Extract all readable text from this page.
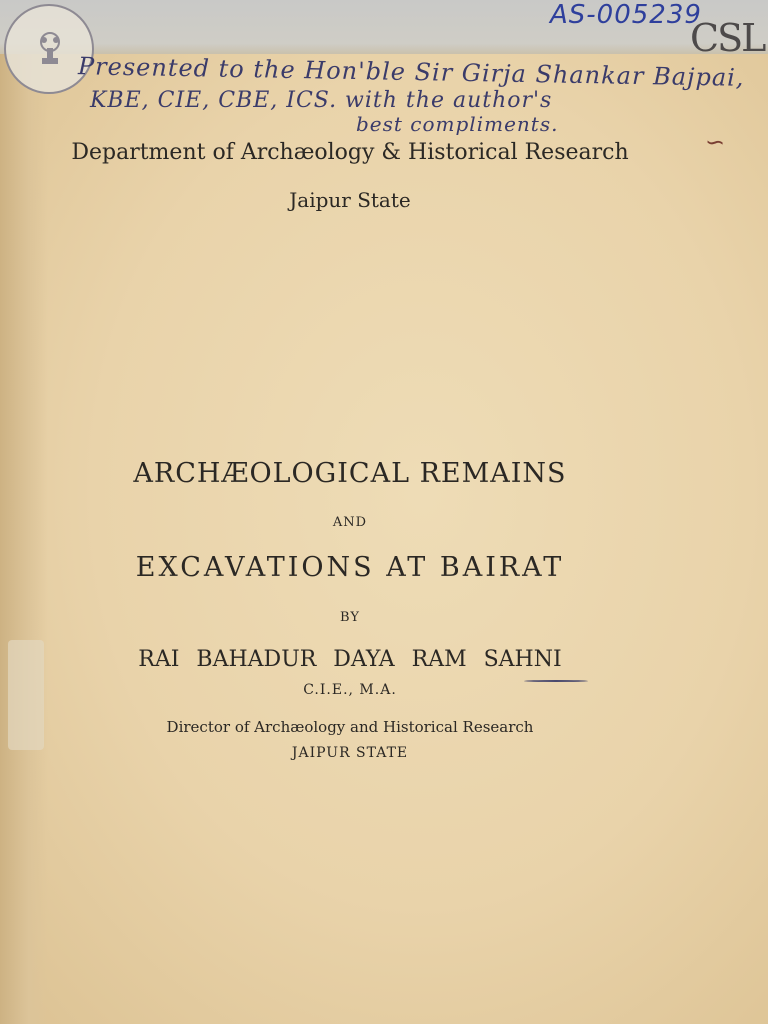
AS-005239
CSL
Presented to the Hon'ble Sir Girja Shankar Bajpai,
KBE, CIE, CBE, ICS. with the author's
best compliments.
∽
Department of Archæology & Historical Research
Jaipur State
ARCHÆOLOGICAL REMAINS
AND
EXCAVATIONS AT BAIRAT
BY
RAI BAHADUR DAYA RAM SAHNI
C.I.E., M.A.
Director of Archæology and Historical Research
JAIPUR STATE
